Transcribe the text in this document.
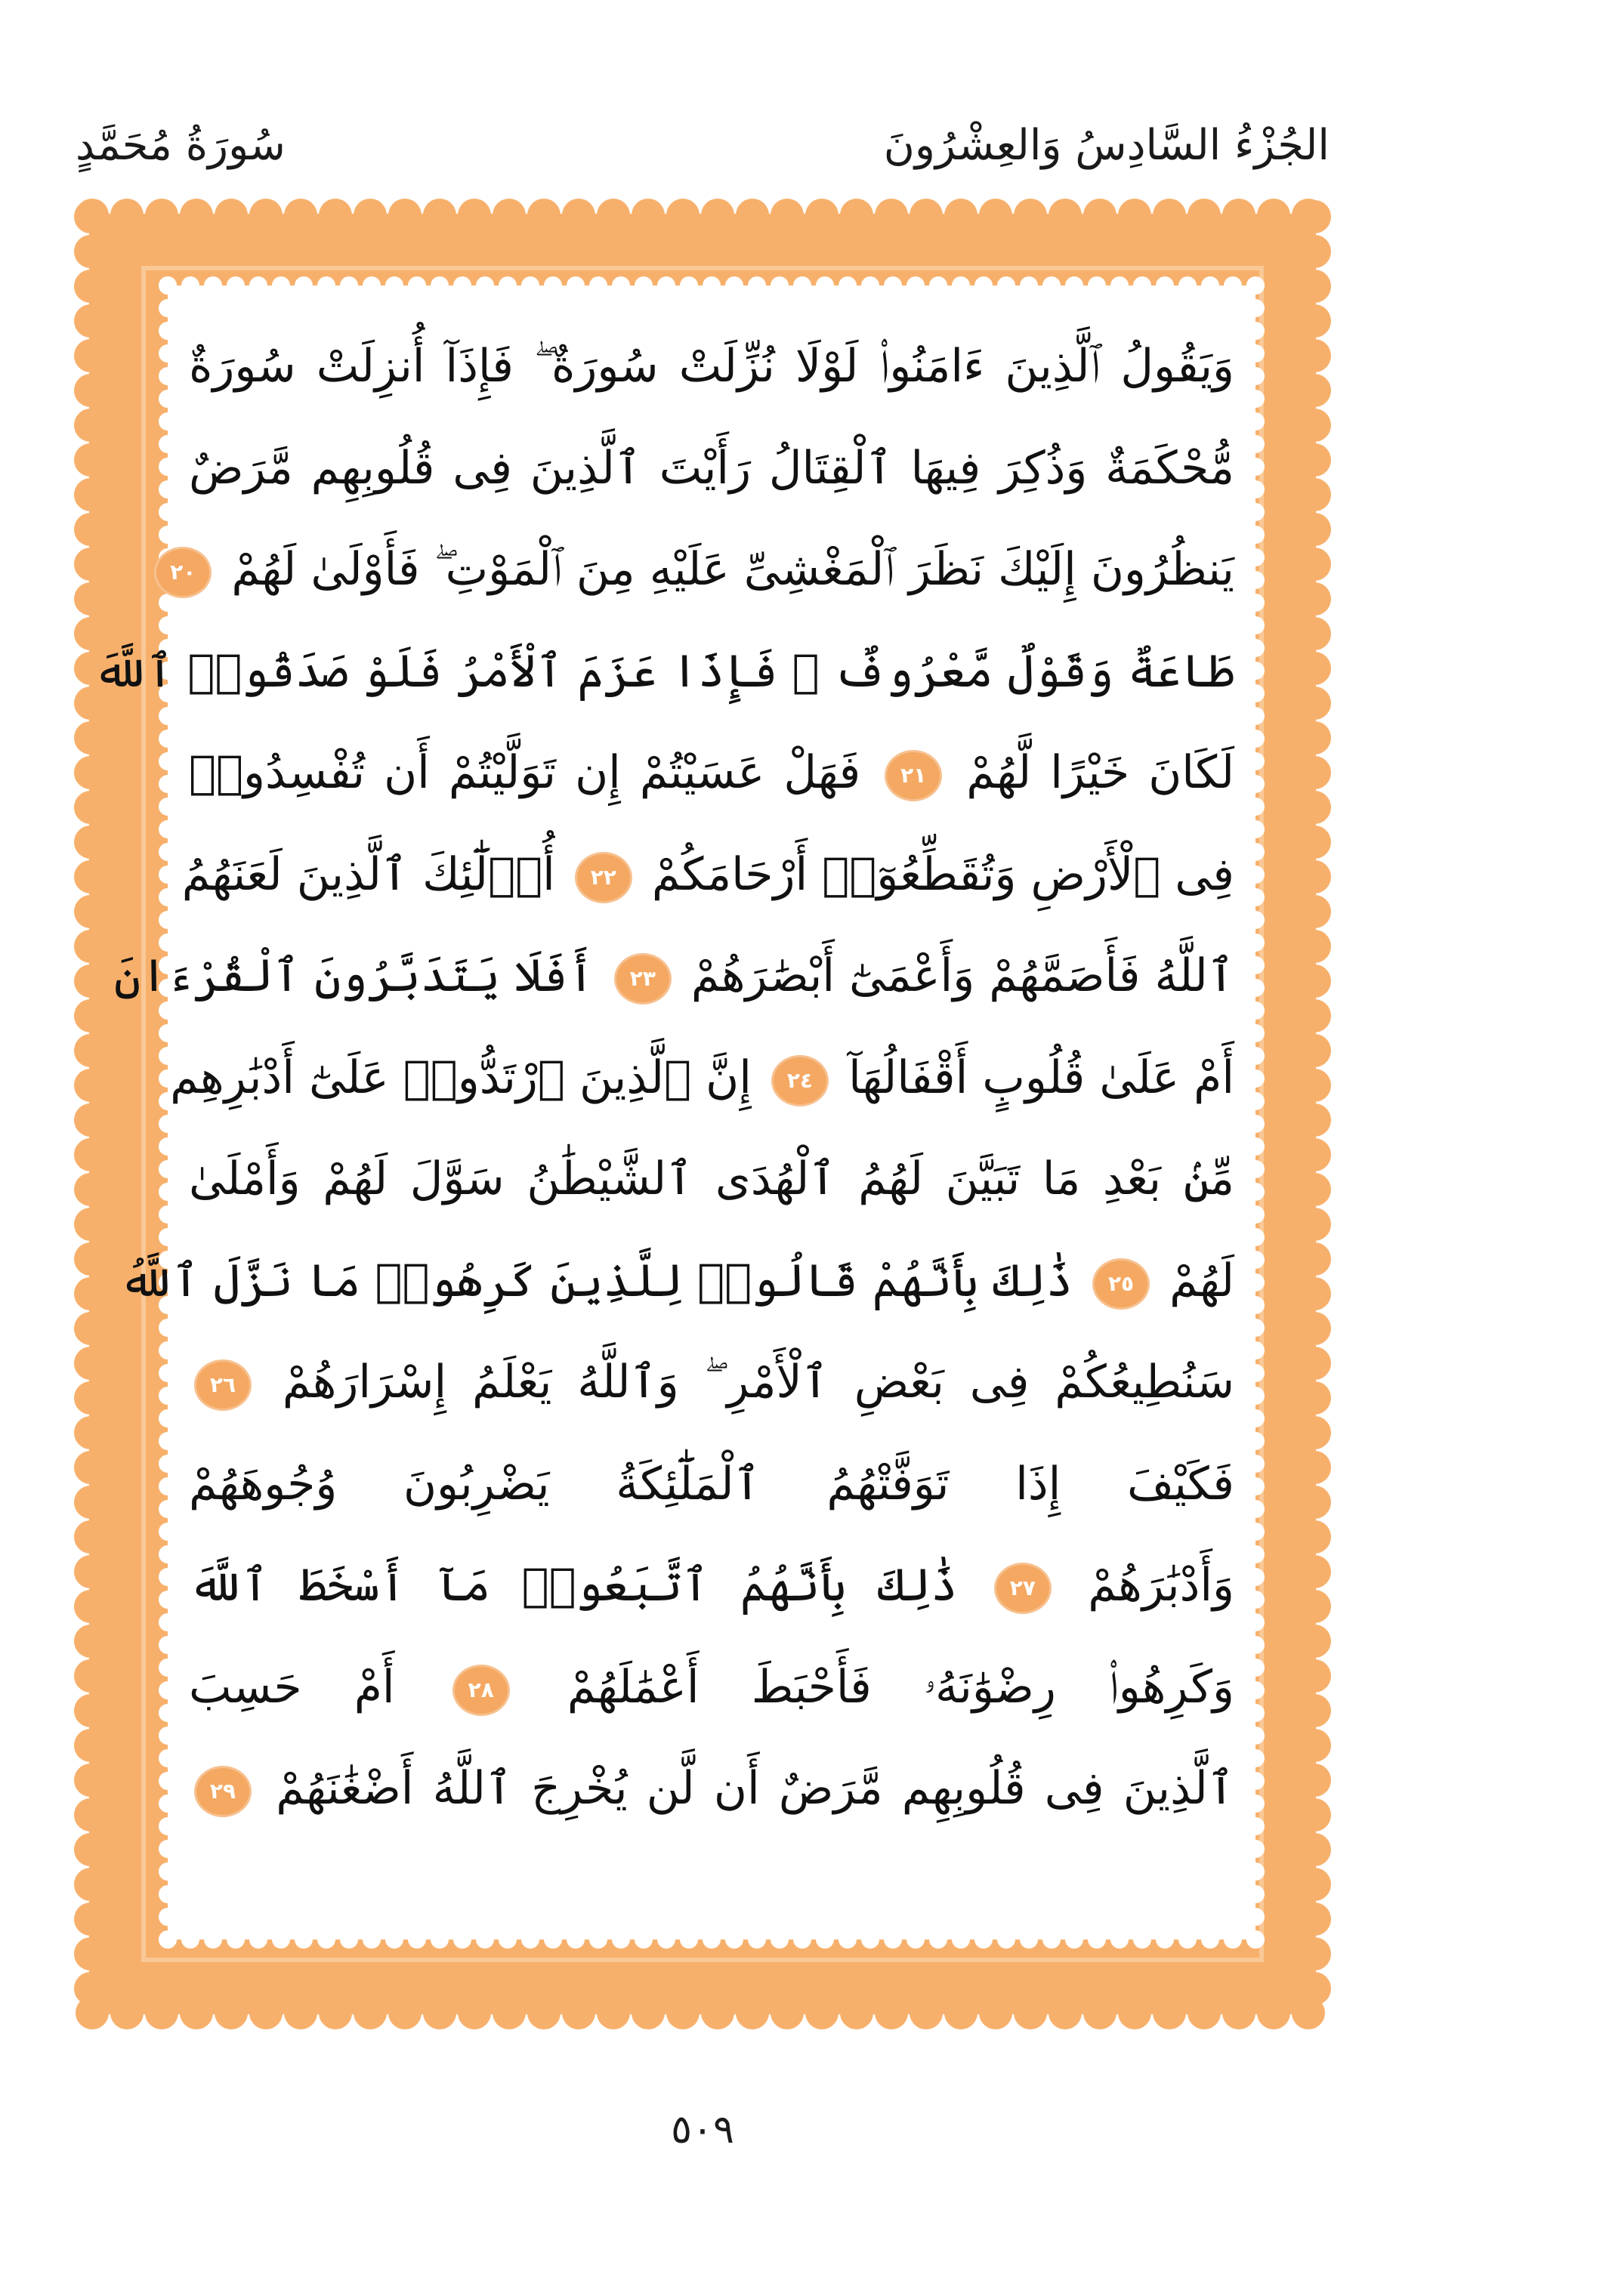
الجُزْءُ السَّادِسُ وَالعِشْرُونَ
سُورَةُ مُحَمَّدٍ
وَيَقُولُ ٱلَّذِينَ ءَامَنُوا۟ لَوْلَا نُزِّلَتْ سُورَةٌ ۖ فَإِذَآ أُنزِلَتْ سُورَةٌ
مُّحْكَمَةٌ وَذُكِرَ فِيهَا ٱلْقِتَالُ رَأَيْتَ ٱلَّذِينَ فِى قُلُوبِهِم مَّرَضٌ
يَنظُرُونَ إِلَيْكَ نَظَرَ ٱلْمَغْشِىِّ عَلَيْهِ مِنَ ٱلْمَوْتِ ۖ فَأَوْلَىٰ لَهُمْ ٢٠
طَاعَةٌ وَقَوْلٌ مَّعْرُوفٌ ۚ فَإِذَا عَزَمَ ٱلْأَمْرُ فَلَوْ صَدَقُوا۟ ٱللَّهَ
لَكَانَ خَيْرًا لَّهُمْ ٢١ فَهَلْ عَسَيْتُمْ إِن تَوَلَّيْتُمْ أَن تُفْسِدُوا۟
فِى ٱلْأَرْضِ وَتُقَطِّعُوٓا۟ أَرْحَامَكُمْ ٢٢ أُو۟لَٰٓئِكَ ٱلَّذِينَ لَعَنَهُمُ
ٱللَّهُ فَأَصَمَّهُمْ وَأَعْمَىٰٓ أَبْصَٰرَهُمْ ٢٣ أَفَلَا يَتَدَبَّرُونَ ٱلْقُرْءَانَ
أَمْ عَلَىٰ قُلُوبٍ أَقْفَالُهَآ ٢٤ إِنَّ ٱلَّذِينَ ٱرْتَدُّوا۟ عَلَىٰٓ أَدْبَٰرِهِم
مِّنۢ بَعْدِ مَا تَبَيَّنَ لَهُمُ ٱلْهُدَى ٱلشَّيْطَٰنُ سَوَّلَ لَهُمْ وَأَمْلَىٰ
لَهُمْ ٢٥ ذَٰلِكَ بِأَنَّهُمْ قَالُوا۟ لِلَّذِينَ كَرِهُوا۟ مَا نَزَّلَ ٱللَّهُ
سَنُطِيعُكُمْ فِى بَعْضِ ٱلْأَمْرِ ۖ وَٱللَّهُ يَعْلَمُ إِسْرَارَهُمْ ٢٦
فَكَيْفَ إِذَا تَوَفَّتْهُمُ ٱلْمَلَٰٓئِكَةُ يَضْرِبُونَ وُجُوهَهُمْ
وَأَدْبَٰرَهُمْ ٢٧ ذَٰلِكَ بِأَنَّهُمُ ٱتَّبَعُوا۟ مَآ أَسْخَطَ ٱللَّهَ
وَكَرِهُوا۟ رِضْوَٰنَهُۥ فَأَحْبَطَ أَعْمَٰلَهُمْ ٢٨ أَمْ حَسِبَ
ٱلَّذِينَ فِى قُلُوبِهِم مَّرَضٌ أَن لَّن يُخْرِجَ ٱللَّهُ أَضْغَٰنَهُمْ ٢٩
٥٠٩
